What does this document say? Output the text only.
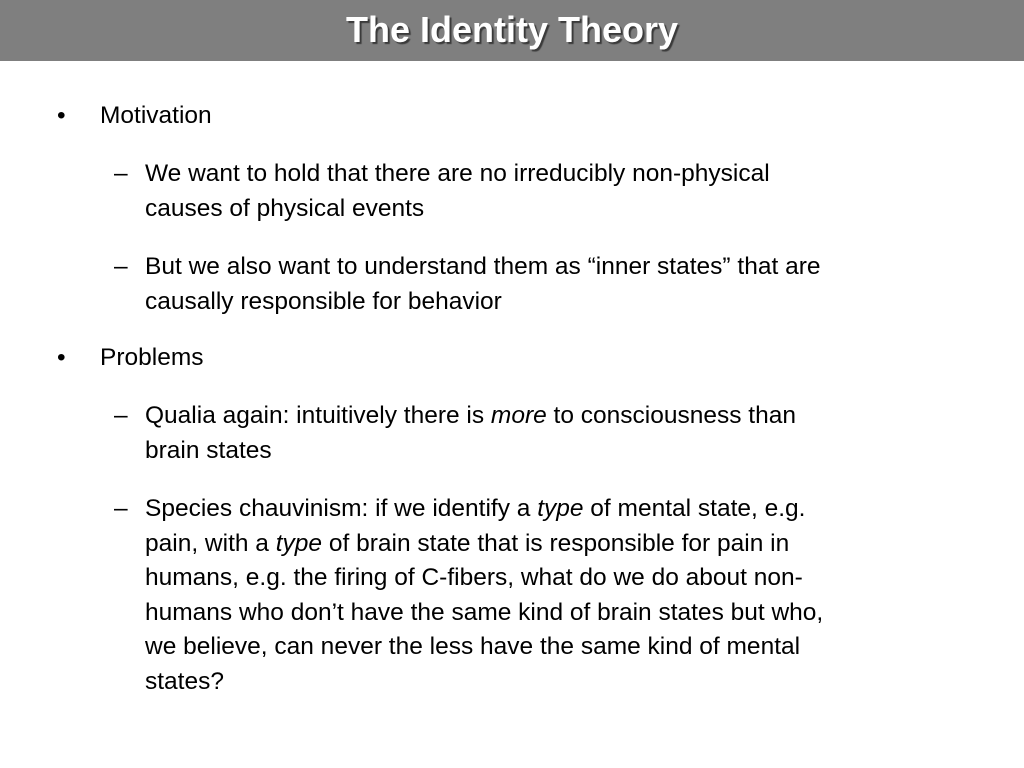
The Identity Theory
• Motivation
– We want to hold that there are no irreducibly non-physical
causes of physical events
– But we also want to understand them as “inner states” that are
causally responsible for behavior
• Problems
– Qualia again: intuitively there is more to consciousness than
brain states
– Species chauvinism: if we identify a type of mental state, e.g.
pain, with a type of brain state that is responsible for pain in
humans, e.g. the firing of C-fibers, what do we do about non-
humans who don’t have the same kind of brain states but who,
we believe, can never the less have the same kind of mental
states?
